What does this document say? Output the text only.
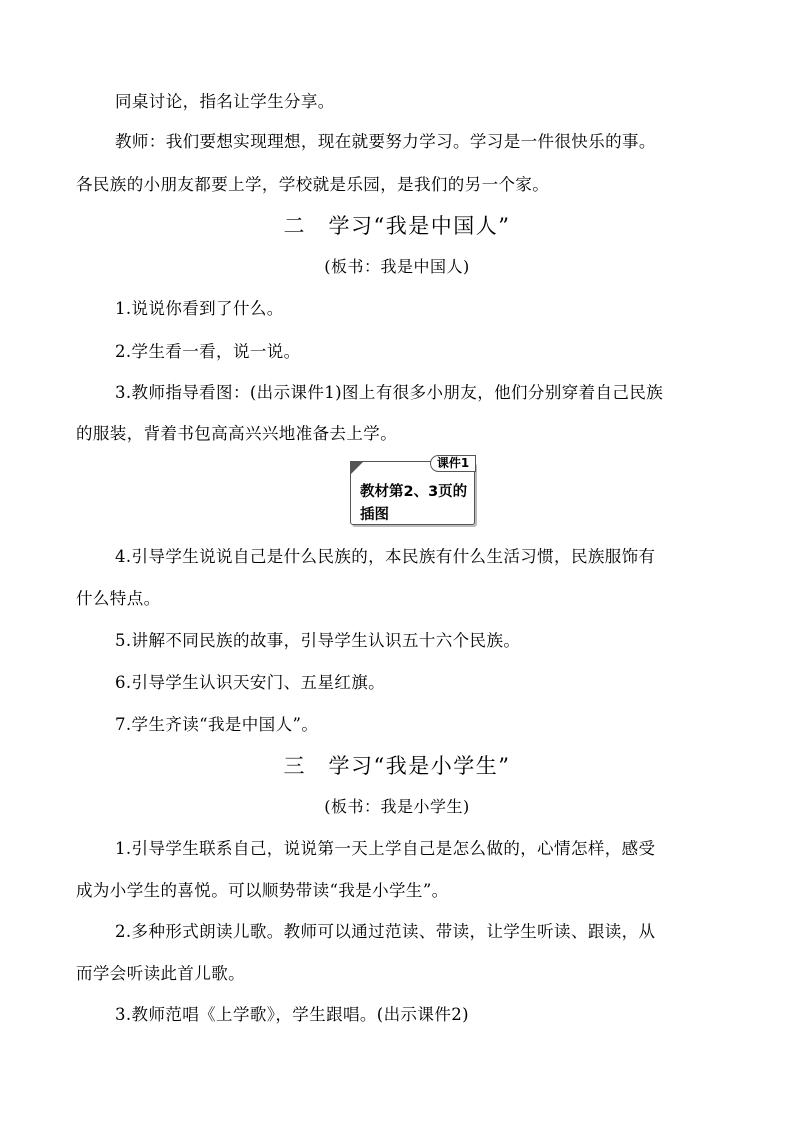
同桌讨论，指名让学生分享。
教师：我们要想实现理想，现在就要努力学习。学习是一件很快乐的事。
各民族的小朋友都要上学，学校就是乐园，是我们的另一个家。
二　学习“我是中国人”
(板书：我是中国人)
1.说说你看到了什么。
2.学生看一看，说一说。
3.教师指导看图：(出示课件1)图上有很多小朋友，他们分别穿着自己民族
的服装，背着书包高高兴兴地准备去上学。
课件1
教材第2、3页的插图
4.引导学生说说自己是什么民族的，本民族有什么生活习惯，民族服饰有
什么特点。
5.讲解不同民族的故事，引导学生认识五十六个民族。
6.引导学生认识天安门、五星红旗。
7.学生齐读“我是中国人”。
三　学习“我是小学生”
(板书：我是小学生)
1.引导学生联系自己，说说第一天上学自己是怎么做的，心情怎样，感受
成为小学生的喜悦。可以顺势带读“我是小学生”。
2.多种形式朗读儿歌。教师可以通过范读、带读，让学生听读、跟读，从
而学会听读此首儿歌。
3.教师范唱《上学歌》，学生跟唱。(出示课件2)
